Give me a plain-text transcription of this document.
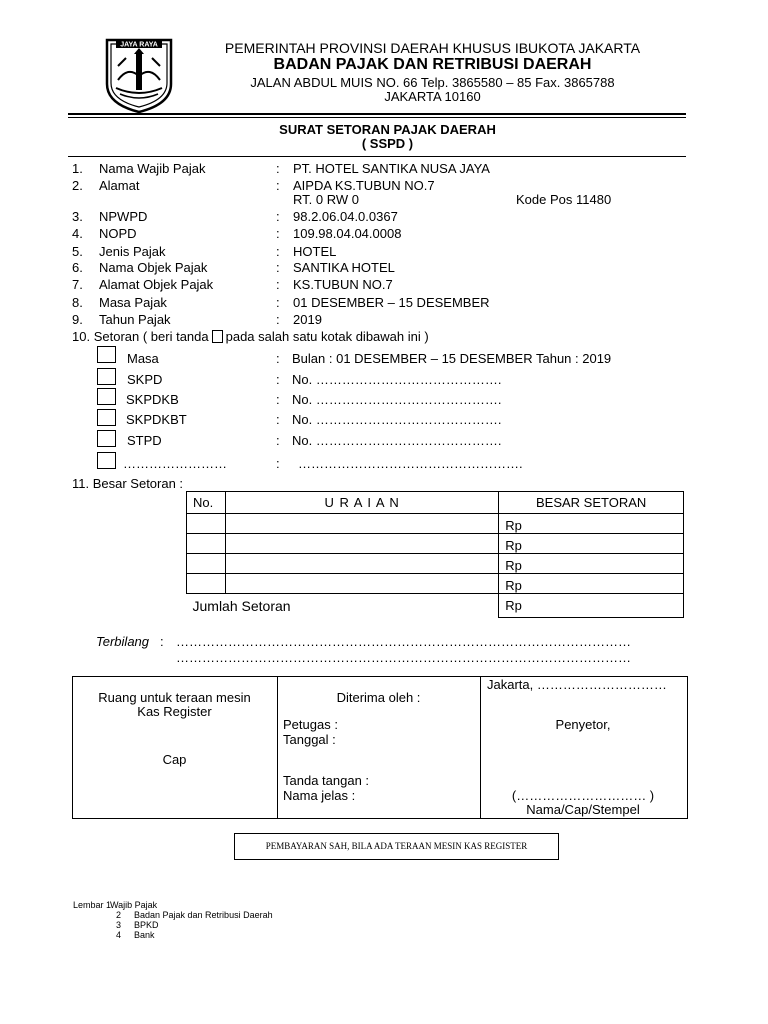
JAYA RAYA	PEMERINTAH PROVINSI DAERAH KHUSUS IBUKOTA JAKARTA
BADAN PAJAK DAN RETRIBUSI DAERAH
JALAN ABDUL MUIS NO. 66 Telp. 3865580 – 85 Fax. 3865788
JAKARTA 10160
SURAT SETORAN PAJAK DAERAH
( SSPD )
1. Nama Wajib Pajak	: PT. HOTEL SANTIKA NUSA JAYA
2. Alamat	: AIPDA KS.TUBUN NO.7
RT. 0 RW 0	Kode Pos 11480
3. NPWPD	: 98.2.06.04.0.0367
4. NOPD	: 109.98.04.04.0008
5. Jenis Pajak	: HOTEL
6. Nama Objek Pajak	: SANTIKA HOTEL
7. Alamat Objek Pajak	: KS.TUBUN NO.7
8. Masa Pajak	: 01 DESEMBER – 15 DESEMBER
9. Tahun Pajak	: 2019
10. Setoran ( beri tanda pada salah satu kotak dibawah ini )
Masa	: Bulan : 01 DESEMBER – 15 DESEMBER Tahun : 2019
SKPD	: No. …………………………………….
SKPDKB	: No. …………………………………….
SKPDKBT	: No. …………………………………….
STPD	: No. …………………………………….
……………………	: …………………………………………….
11. Besar Setoran :
No.	U R A I A N	BESAR SETORAN
		Rp
		Rp
		Rp
		Rp
Jumlah Setoran		Rp
Terbilang : ……………………………………………………………………………………………
……………………………………………………………………………………………
Ruang untuk teraan mesin
Kas Register
Cap
Diterima oleh :
Petugas :
Tanggal :
Tanda tangan :
Nama jelas :
Jakarta, …………………………
Penyetor,
(………………………… )
Nama/Cap/Stempel
PEMBAYARAN SAH, BILA ADA TERAAN MESIN KAS REGISTER
Lembar 1
Wajib Pajak
2 Badan Pajak dan Retribusi Daerah
3 BPKD
4 Bank
